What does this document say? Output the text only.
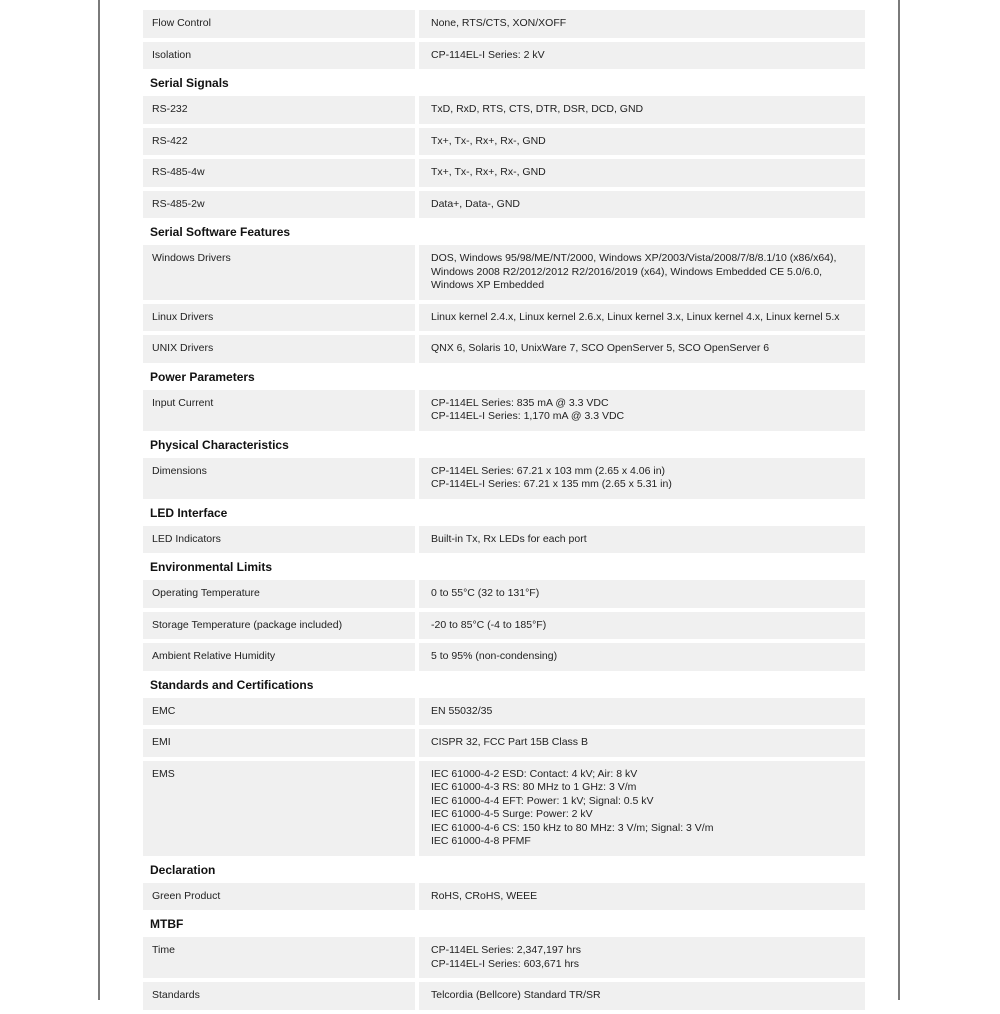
Flow Control	None, RTS/CTS, XON/XOFF
Isolation	CP-114EL-I Series: 2 kV
Serial Signals
RS-232	TxD, RxD, RTS, CTS, DTR, DSR, DCD, GND
RS-422	Tx+, Tx-, Rx+, Rx-, GND
RS-485-4w	Tx+, Tx-, Rx+, Rx-, GND
RS-485-2w	Data+, Data-, GND
Serial Software Features
Windows Drivers	DOS, Windows 95/98/ME/NT/2000, Windows XP/2003/Vista/2008/7/8/8.1/10 (x86/x64),
Windows 2008 R2/2012/2012 R2/2016/2019 (x64), Windows Embedded CE 5.0/6.0,
Windows XP Embedded
Linux Drivers	Linux kernel 2.4.x, Linux kernel 2.6.x, Linux kernel 3.x, Linux kernel 4.x, Linux kernel 5.x
UNIX Drivers	QNX 6, Solaris 10, UnixWare 7, SCO OpenServer 5, SCO OpenServer 6
Power Parameters
Input Current	CP-114EL Series: 835 mA @ 3.3 VDC
CP-114EL-I Series: 1,170 mA @ 3.3 VDC
Physical Characteristics
Dimensions	CP-114EL Series: 67.21 x 103 mm (2.65 x 4.06 in)
CP-114EL-I Series: 67.21 x 135 mm (2.65 x 5.31 in)
LED Interface
LED Indicators	Built-in Tx, Rx LEDs for each port
Environmental Limits
Operating Temperature	0 to 55°C (32 to 131°F)
Storage Temperature (package included)	-20 to 85°C (-4 to 185°F)
Ambient Relative Humidity	5 to 95% (non-condensing)
Standards and Certifications
EMC	EN 55032/35
EMI	CISPR 32, FCC Part 15B Class B
EMS	IEC 61000-4-2 ESD: Contact: 4 kV; Air: 8 kV
IEC 61000-4-3 RS: 80 MHz to 1 GHz: 3 V/m
IEC 61000-4-4 EFT: Power: 1 kV; Signal: 0.5 kV
IEC 61000-4-5 Surge: Power: 2 kV
IEC 61000-4-6 CS: 150 kHz to 80 MHz: 3 V/m; Signal: 3 V/m
IEC 61000-4-8 PFMF
Declaration
Green Product	RoHS, CRoHS, WEEE
MTBF
Time	CP-114EL Series: 2,347,197 hrs
CP-114EL-I Series: 603,671 hrs
Standards	Telcordia (Bellcore) Standard TR/SR
